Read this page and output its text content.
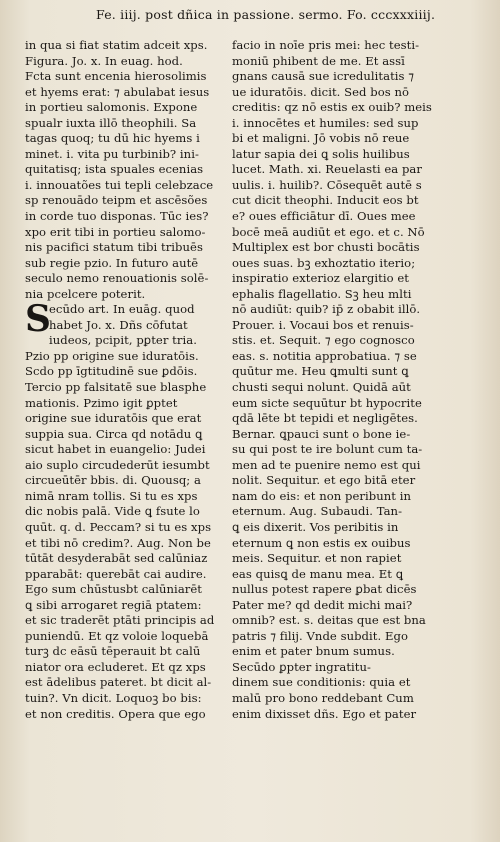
Fe. iiij. post dñica in passione. sermo. Fo. cccxxxiiij.
in qua si fiat statim adceit xps.
Figura. Jo. x. In euag. hod.
Fcta sunt encenia hierosolimis
et hyems erat: ⁊ abulabat iesus
in portieu salomonis. Expone
spualr iuxta illō theophili. Sa
tagas quoq; tu dū hic hyems i
minet. i. vita pu turbinib? ini-
quitatisq; ista spuales ecenias
i. innouatões tui tepli celebzace
sp renouādo teipm et ascēsões
in corde tuo disponas. Tūc ies?
xpo erit tibi in portieu salomo-
nis pacifici statum tibi tribuēs
sub regie pzio. In futuro autē
seculo nemo renouationis solē-
nia pcelcere poterit.
S
ecūdo art. In euāg. quod
habet Jo. x. Dñs cōfutat
iudeos, pcipit, pꝑter tria.
Pzio pp origine sue iduratōis.
Scdo pp īgtitudinē sue ꝑdōis.
Tercio pp falsitatē sue blasphe
mationis. Pzimo igit ꝑptet
origine sue iduratōis que erat
suppia sua. Circa qd notādu ꝗ
sicut habet in euangelio: Judei
aio suplo circudederūt iesumbt
circueūtēr bbis. di. Quousq; a
nimā nram tollis. Si tu es xps
dic nobis palā. Vide ꝗ fsute lo
quūt. q. d. Peccam? si tu es xps
et tibi nō credim?. Aug. Non be
tūtāt desyderabāt sed calūniaz
pparabāt: querebāt cai audire.
Ego sum chūstusbt calūniarēt
ꝗ sibi arrogaret regiā ptatem:
et sic traderēt ptāti principis ad
puniendū. Et qz voloie loquebā
turꝫ dc eāsū tēperauit bt calū
niator ora ecluderet. Et qz xps
est ādelibus pateret. bt dicit al-
tuin?. Vn dicit. Loquoꝫ bo bis:
et non creditis. Opera que ego
facio in noīe pris mei: hec testi-
moniū phibent de me. Et assī
gnans causā sue icredulitatis ⁊
ue iduratōis. dicit. Sed bos nō
creditis: qz nō estis ex ouib? meis
i. innocētes et humiles: sed sup
bi et maligni. Jō vobis nō reue
latur sapia dei ꝗ solis huilibus
lucet. Math. xi. Reuelasti ea par
uulis. i. huilib?. Cōsequēt autē s
cut dicit theophi. Inducit eos bt
e? oues efficiātur dī. Oues mee
bocē meā audiūt et ego. et c. Nō
Multiplex est bor chusti bocātis
oues suas. bꝫ exhoztatio iterio;
inspiratio exterioz elargitio et
ephalis flagellatio. Sꝫ heu mlti
nō audiūt: quib? ip̄ z obabit illō.
Prouer. i. Vocaui bos et renuis-
stis. et. Sequit. ⁊ ego cognosco
eas. s. notitia approbatiua. ⁊ se
quūtur me. Heu ꝗmulti sunt ꝗ
chusti sequi nolunt. Quidā aūt
eum sicte sequūtur bt hypocrite
qdā lēte bt tepidi et negligētes.
Bernar. ꝗpauci sunt o bone ie-
su qui post te ire bolunt cum ta-
men ad te puenire nemo est qui
nolit. Sequitur. et ego bitā eter
nam do eis: et non peribunt in
eternum. Aug. Subaudi. Tan-
ꝗ eis dixerit. Vos peribitis in
eternum ꝗ non estis ex ouibus
meis. Sequitur. et non rapiet
eas quisꝗ de manu mea. Et ꝗ
nullus potest rapere ꝑbat dicēs
Pater me? qd dedit michi mai?
omnib? est. s. deitas que est bna
patris ⁊ filij. Vnde subdit. Ego
enim et pater bnum sumus.
Secūdo ꝑpter ingratitu-
dinem sue conditionis: quia et
malū pro bono reddebant Cum
enim dixisset dñs. Ego et pater
